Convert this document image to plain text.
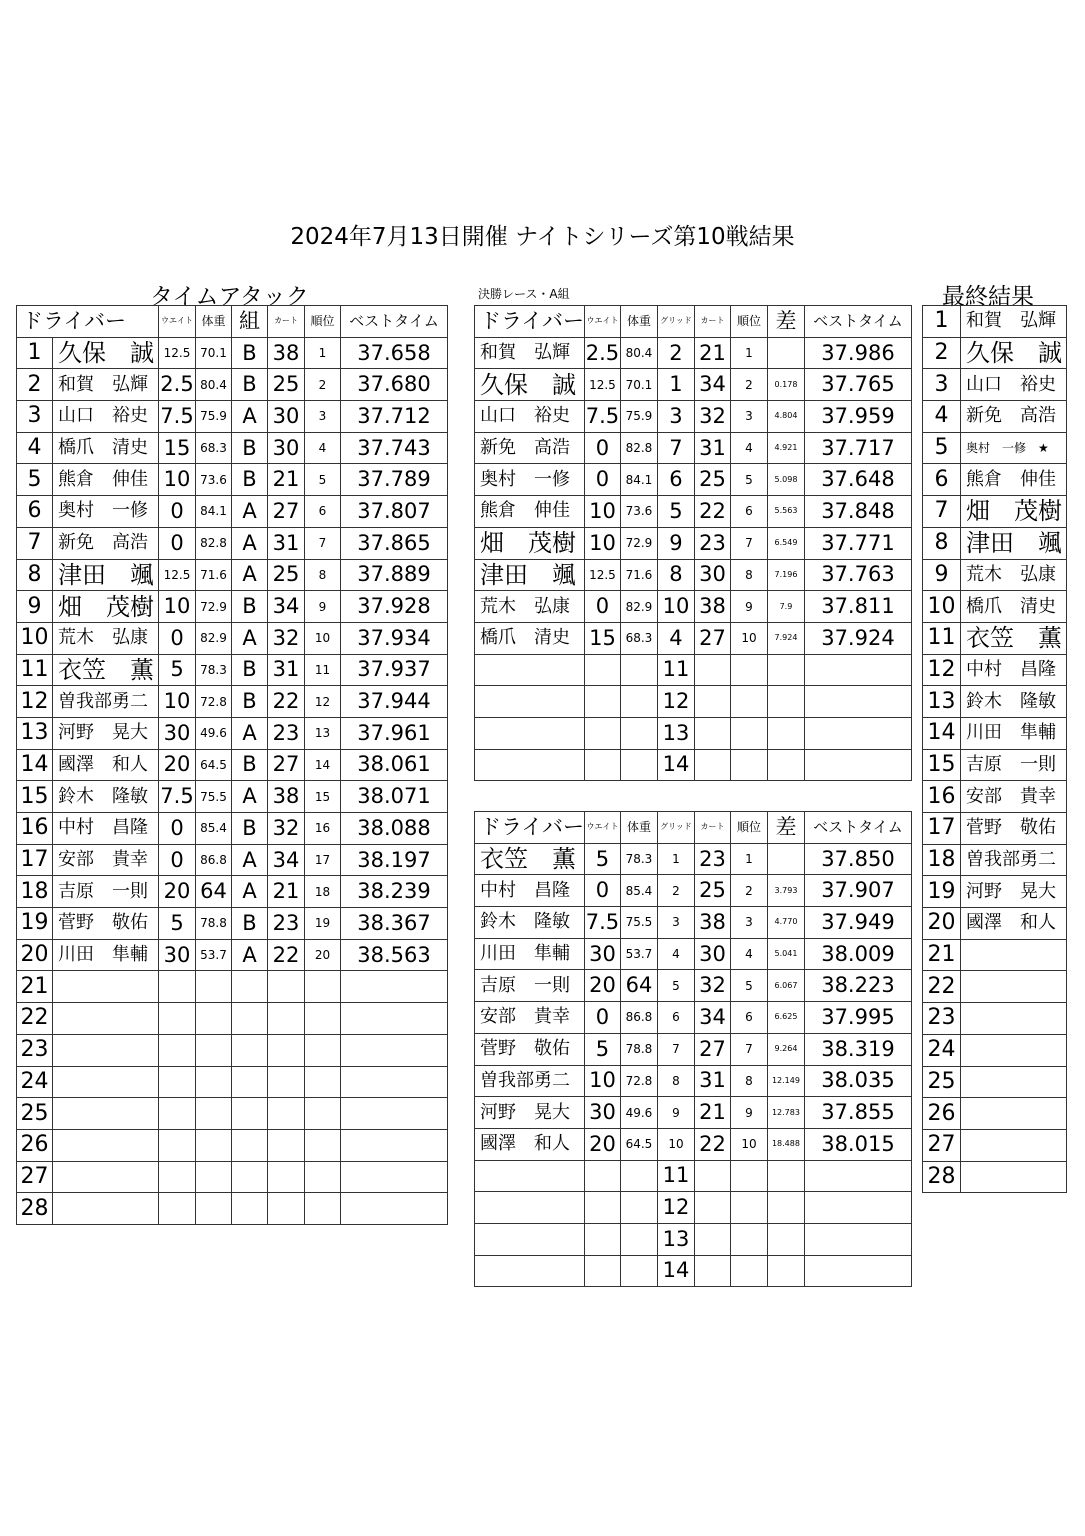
2024年7月13日開催 ナイトシリーズ第10戦結果
タイムアタック	決勝レース・A組	最終結果
ドライバー		ウエイト	体重	組	カート	順位	ベストタイム
1	久保　誠	12.5	70.1	B	38	1	37.658
2	和賀　弘輝	2.5	80.4	B	25	2	37.680
3	山口　裕史	7.5	75.9	A	30	3	37.712
4	橋爪　清史	15	68.3	B	30	4	37.743
5	熊倉　伸佳	10	73.6	B	21	5	37.789
6	奥村　一修	0	84.1	A	27	6	37.807
7	新免　高浩	0	82.8	A	31	7	37.865
8	津田　颯	12.5	71.6	A	25	8	37.889
9	畑　茂樹	10	72.9	B	34	9	37.928
10	荒木　弘康	0	82.9	A	32	10	37.934
11	衣笠　薫	5	78.3	B	31	11	37.937
12	曽我部勇二	10	72.8	B	22	12	37.944
13	河野　晃大	30	49.6	A	23	13	37.961
14	國澤　和人	20	64.5	B	27	14	38.061
15	鈴木　隆敏	7.5	75.5	A	38	15	38.071
16	中村　昌隆	0	85.4	B	32	16	38.088
17	安部　貴幸	0	86.8	A	34	17	38.197
18	吉原　一則	20	64	A	21	18	38.239
19	菅野　敬佑	5	78.8	B	23	19	38.367
20	川田　隼輔	30	53.7	A	22	20	38.563
21							
22							
23							
24							
25							
26							
27							
28							
ドライバー	ウエイト	体重	グリッド	カート	順位	差	ベストタイム
和賀　弘輝	2.5	80.4	2	21	1		37.986
久保　誠	12.5	70.1	1	34	2	0.178	37.765
山口　裕史	7.5	75.9	3	32	3	4.804	37.959
新免　高浩	0	82.8	7	31	4	4.921	37.717
奥村　一修	0	84.1	6	25	5	5.098	37.648
熊倉　伸佳	10	73.6	5	22	6	5.563	37.848
畑　茂樹	10	72.9	9	23	7	6.549	37.771
津田　颯	12.5	71.6	8	30	8	7.196	37.763
荒木　弘康	0	82.9	10	38	9	7.9	37.811
橋爪　清史	15	68.3	4	27	10	7.924	37.924
			11				
			12				
			13				
			14				
ドライバー	ウエイト	体重	グリッド	カート	順位	差	ベストタイム
衣笠　薫	5	78.3	1	23	1		37.850
中村　昌隆	0	85.4	2	25	2	3.793	37.907
鈴木　隆敏	7.5	75.5	3	38	3	4.770	37.949
川田　隼輔	30	53.7	4	30	4	5.041	38.009
吉原　一則	20	64	5	32	5	6.067	38.223
安部　貴幸	0	86.8	6	34	6	6.625	37.995
菅野　敬佑	5	78.8	7	27	7	9.264	38.319
曽我部勇二	10	72.8	8	31	8	12.149	38.035
河野　晃大	30	49.6	9	21	9	12.783	37.855
國澤　和人	20	64.5	10	22	10	18.488	38.015
			11				
			12				
			13				
			14				
1	和賀　弘輝
2	久保　誠
3	山口　裕史
4	新免　高浩
5	奥村　一修　★
6	熊倉　伸佳
7	畑　茂樹
8	津田　颯
9	荒木　弘康
10	橋爪　清史
11	衣笠　薫
12	中村　昌隆
13	鈴木　隆敏
14	川田　隼輔
15	吉原　一則
16	安部　貴幸
17	菅野　敬佑
18	曽我部勇二
19	河野　晃大
20	國澤　和人
21	
22	
23	
24	
25	
26	
27	
28	
